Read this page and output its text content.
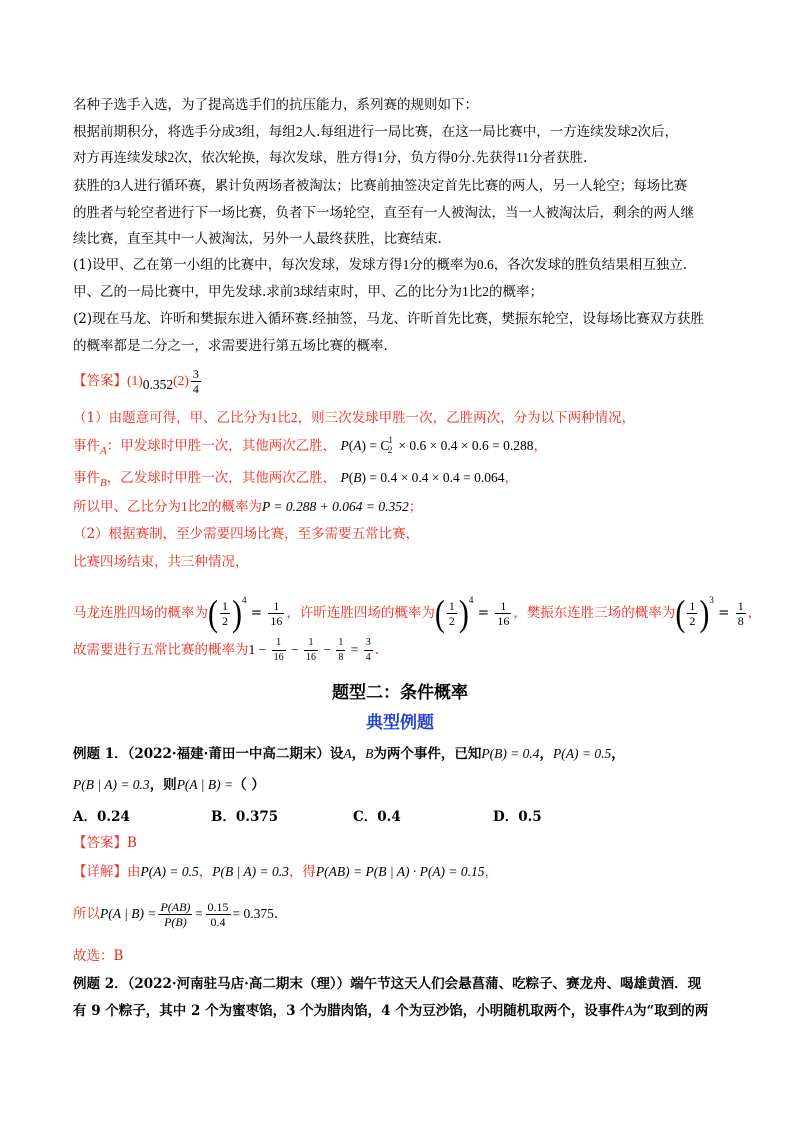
名种子选手入选，为了提高选手们的抗压能力，系列赛的规则如下：
根据前期积分，将选手分成3组，每组2人.每组进行一局比赛，在这一局比赛中，一方连续发球2次后，
对方再连续发球2次，依次轮换，每次发球，胜方得1分，负方得0分.先获得11分者获胜.
获胜的3人进行循环赛，累计负两场者被淘汰；比赛前抽签决定首先比赛的两人，另一人轮空；每场比赛
的胜者与轮空者进行下一场比赛，负者下一场轮空，直至有一人被淘汰，当一人被淘汰后，剩余的两人继
续比赛，直至其中一人被淘汰，另外一人最终获胜，比赛结束.
(1)设甲、乙在第一小组的比赛中，每次发球，发球方得1分的概率为0.6，各次发球的胜负结果相互独立.
甲、乙的一局比赛中，甲先发球.求前3球结束时，甲、乙的比分为1比2的概率；
(2)现在马龙、许昕和樊振东进入循环赛.经抽签，马龙、许昕首先比赛，樊振东轮空，设每场比赛双方获胜
的概率都是二分之一，求需要进行第五场比赛的概率.
【答案】$(1)0.352(2) \frac{3}{4}$
（1）由题意可得，甲、乙比分为1比2，则三次发球甲胜一次，乙胜两次，分为以下两种情况，
事件$_A$：甲发球时甲胜一次，其他两次乙胜， $P(A) = C^1_2 \times 0.6 \times 0.4 \times 0.6 = 0.288$，
事件$_B$，乙发球时甲胜一次，其他两次乙胜， P(B) = 0.4 × 0.4 × 0.4 = 0.064，
所以甲、乙比分为1比2的概率为P = 0.288 + 0.064 = 0.352；
（2）根据赛制，至少需要四场比赛，至多需要五常比赛，
比赛四场结束，共三种情况，
马龙连胜四场的概率为( $\frac{1}{2} )^4 = \frac{1}{16}$ ，许昕连胜四场的概率为( $\frac{1}{2} )^4 = \frac{1}{16}$ ，樊振东连胜三场的概率为( $\frac{1}{2} )^3 = \frac{1}{8}$ ，
故需要进行五常比赛的概率为$1 - \frac{1}{16} - \frac{1}{16} - \frac{1}{8} = \frac{3}{4}$ .
题型二：条件概率
典型例题
例题 1．（2022·福建·莆田一中高二期末）设A，B为两个事件，已知P(B) = 0.4，P(A) = 0.5，
P(B | A) = 0.3，则P(A | B) =（ ）
A．0.24	B．0.375	C．0.4	D．0.5
【答案】B
【详解】由P(A) = 0.5，P(B | A) = 0.3，得P(AB) = P(B | A) · P(A) = 0.15，
所以P(A | $B) = \frac{P(AB)}{P(B)} = \frac{0.15}{0.4} = 0.375$.
故选：B
例题 2．（2022·河南驻马店·高二期末（理））端午节这天人们会悬菖蒲、吃粽子、赛龙舟、喝雄黄酒．现
有 9 个粽子，其中 2 个为蜜枣馅，3 个为腊肉馅，4 个为豆沙馅，小明随机取两个，设事件A为“取到的两
